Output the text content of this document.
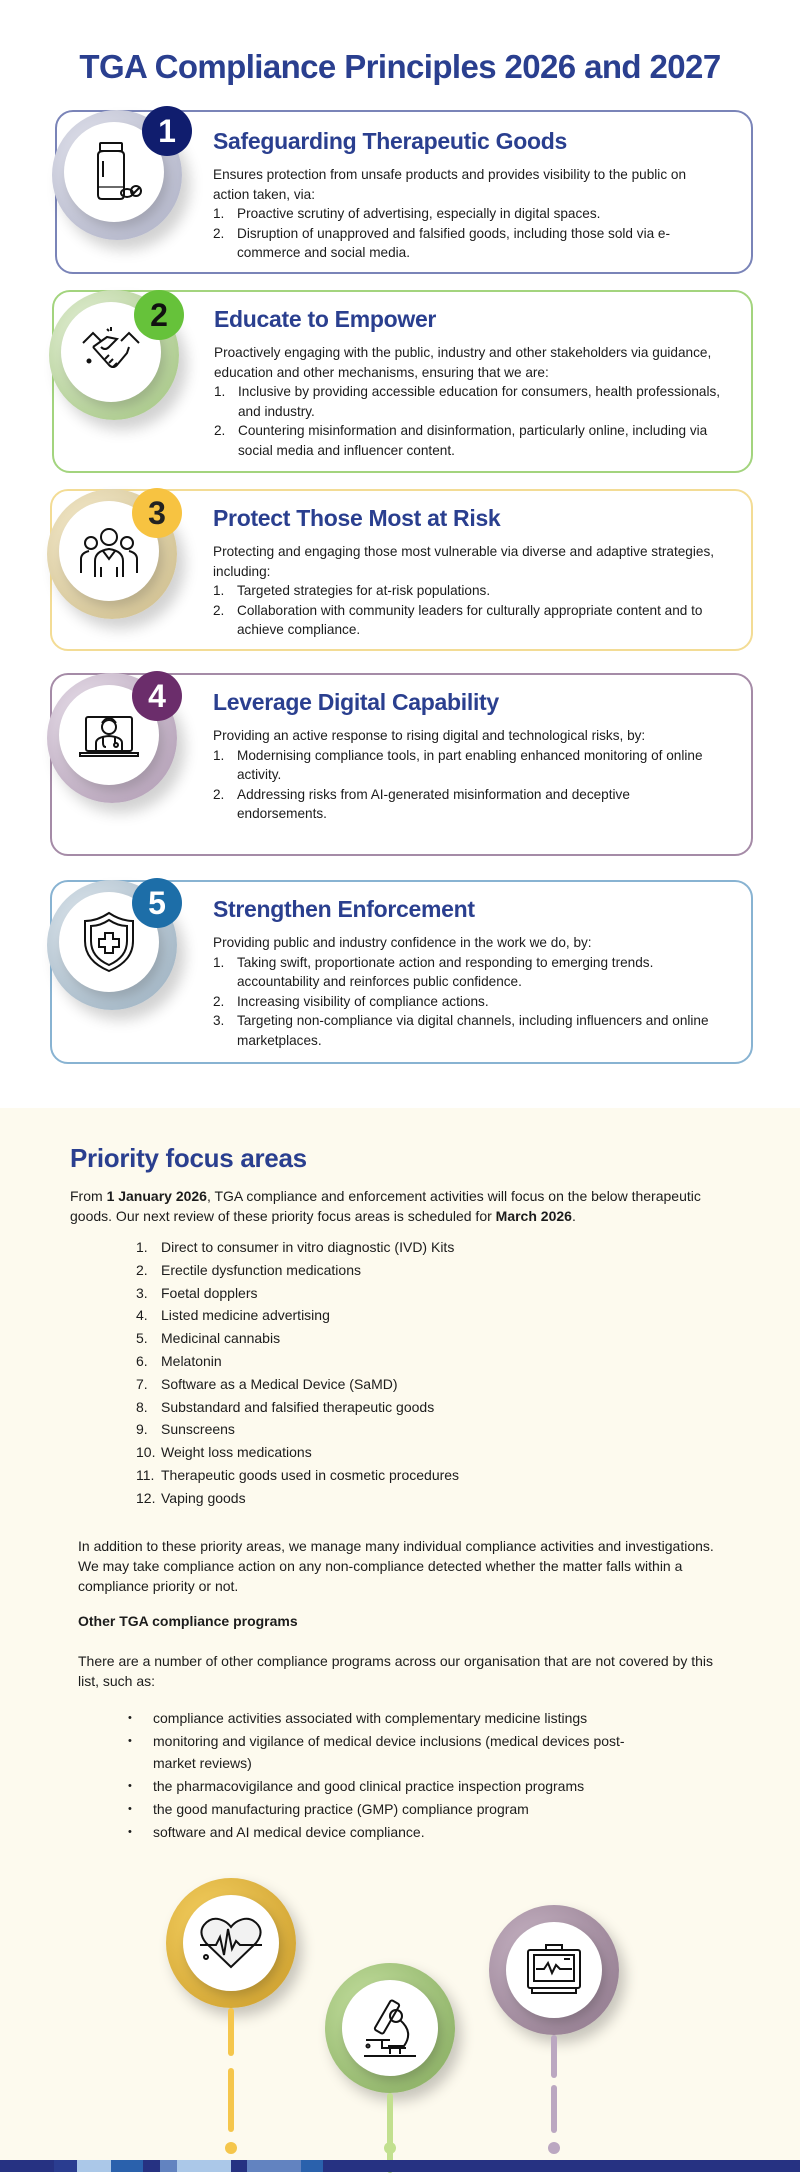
TGA Compliance Principles 2026 and 2027
1 Safeguarding Therapeutic Goods

Ensures protection from unsafe products and provides visibility to the public on action taken, via:

1. Proactive scrutiny of advertising, especially in digital spaces.
2. Disruption of unapproved and falsified goods, including those sold via e-commerce and social media.
2 Educate to Empower

Proactively engaging with the public, industry and other stakeholders via guidance, education and other mechanisms, ensuring that we are:

1. Inclusive by providing accessible education for consumers, health professionals, and industry.
2. Countering misinformation and disinformation, particularly online, including via social media and influencer content.
3 Protect Those Most at Risk

Protecting and engaging those most vulnerable via diverse and adaptive strategies, including:

1. Targeted strategies for at-risk populations.
2. Collaboration with community leaders for culturally appropriate content and to achieve compliance.
4 Leverage Digital Capability

Providing an active response to rising digital and technological risks, by:

1. Modernising compliance tools, in part enabling enhanced monitoring of online activity.
2. Addressing risks from AI-generated misinformation and deceptive endorsements.
5 Strengthen Enforcement

Providing public and industry confidence in the work we do, by:

1. Taking swift, proportionate action and responding to emerging trends. accountability and reinforces public confidence.
2. Increasing visibility of compliance actions.
3. Targeting non-compliance via digital channels, including influencers and online marketplaces.
Priority focus areas

From 1 January 2026, TGA compliance and enforcement activities will focus on the below therapeutic goods. Our next review of these priority focus areas is scheduled for March 2026.

1. Direct to consumer in vitro diagnostic (IVD) Kits
2. Erectile dysfunction medications
3. Foetal dopplers
4. Listed medicine advertising
5. Medicinal cannabis
6. Melatonin
7. Software as a Medical Device (SaMD)
8. Substandard and falsified therapeutic goods
9. Sunscreens
10. Weight loss medications
11. Therapeutic goods used in cosmetic procedures
12. Vaping goods

In addition to these priority areas, we manage many individual compliance activities and investigations. We may take compliance action on any non-compliance detected whether the matter falls within a compliance priority or not.

Other TGA compliance programs

There are a number of other compliance programs across our organisation that are not covered by this list, such as:

• compliance activities associated with complementary medicine listings
• monitoring and vigilance of medical device inclusions (medical devices post-market reviews)
• the pharmacovigilance and good clinical practice inspection programs
• the good manufacturing practice (GMP) compliance program
• software and AI medical device compliance.
